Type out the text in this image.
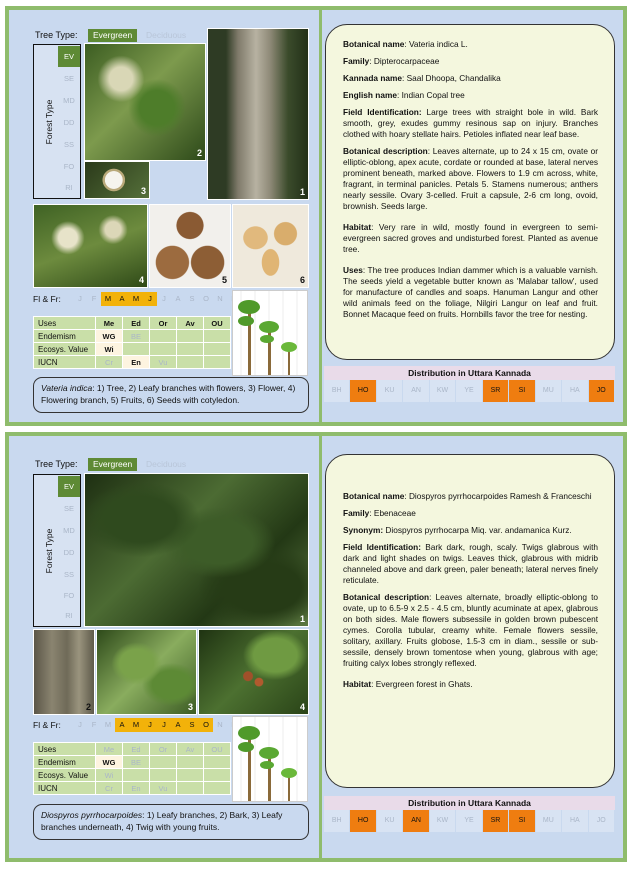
Tree Type:	Evergreen	Deciduous
Forest Type
EV
SE
MD
DD
SS
FO
RI
2
3	1
4	5	6
Fl & Fr:	J	F	M	A	M	J	J	A	S	O	N
Uses	Me	Ed	Or	Av	OU
Endemism	WG	BE			
Ecosys. Value	Wi				
IUCN	Cr	En	Vu		
Vateria indica: 1) Tree, 2) Leafy branches with flowers, 3) Flower, 4) Flowering branch, 5) Fruits, 6) Seeds with cotyledon.

Botanical name: Vateria indica L.

Family: Dipterocarpaceae

Kannada name: Saal Dhoopa, Chandalika

English name: Indian Copal tree

Field Identification: Large trees with straight bole in wild. Bark smooth, grey, exudes gummy resinous sap on injury. Branches clothed with hoary stellate hairs. Petioles inflated near leaf base.

Botanical description: Leaves alternate, up to 24 x 15 cm, ovate or elliptic-oblong, apex acute, cordate or rounded at base, lateral nerves prominent beneath, marked above. Flowers to 1.9 cm across, white, fragrant, in terminal panicles. Petals 5. Stamens numerous; anthers nearly sessile. Ovary 3-celled. Fruit a capsule, 2-6 cm long, ovoid, brownish. Seeds large.

Habitat: Very rare in wild, mostly found in evergreen to semi-evergreen sacred groves and undisturbed forest. Planted as avenue tree.

Uses: The tree produces Indian dammer which is a valuable varnish. The seeds yield a vegetable butter known as 'Malabar tallow', used for manufacture of candles and soaps. Hanuman Langur and other wild animals feed on the foliage, Nilgiri Langur on leaf and fruit. Bonnet Macaque feed on fruits. Hornbills favor the tree for nesting.

Distribution in Uttara Kannada
BH	HO	KU	AN	KW	YE	SR	SI	MU	HA	JO
Tree Type:	Evergreen	Deciduous
Forest Type
EV
SE
MD
DD
SS
FO
RI	1
2	3	4
Fl & Fr:	J	F	M	A	M	J	J	A	S	O	N
Uses	Me	Ed	Or	Av	OU
Endemism	WG	BE			
Ecosys. Value	Wi				
IUCN	Cr	En	Vu		
Diospyros pyrrhocarpoides: 1) Leafy branches, 2) Bark, 3) Leafy branches underneath, 4) Twig with young fruits.

Botanical name: Diospyros pyrrhocarpoides Ramesh & Franceschi

Family: Ebenaceae

Synonym: Diospyros pyrrhocarpa Miq. var. andamanica Kurz.

Field Identification: Bark dark, rough, scaly. Twigs glabrous with dark and light shades on twigs. Leaves thick, glabrous with midrib channeled above and dark green, paler beneath; lateral nerves finely reticulate.

Botanical description: Leaves alternate, broadly elliptic-oblong to ovate, up to 6.5-9 x 2.5 - 4.5 cm, bluntly acuminate at apex, glabrous on both sides. Male flowers subsessile in golden brown pubescent cymes. Corolla tubular, creamy white. Female flowers sessile, solitary, axillary. Fruits globose, 1.5-3 cm in diam., sessile or sub-sessile, densely brown tomentose when young, glabrous with age; fruiting calyx lobes strongly reflexed.

Habitat: Evergreen forest in Ghats.

Distribution in Uttara Kannada
BH	HO	KU	AN	KW	YE	SR	SI	MU	HA	JO
